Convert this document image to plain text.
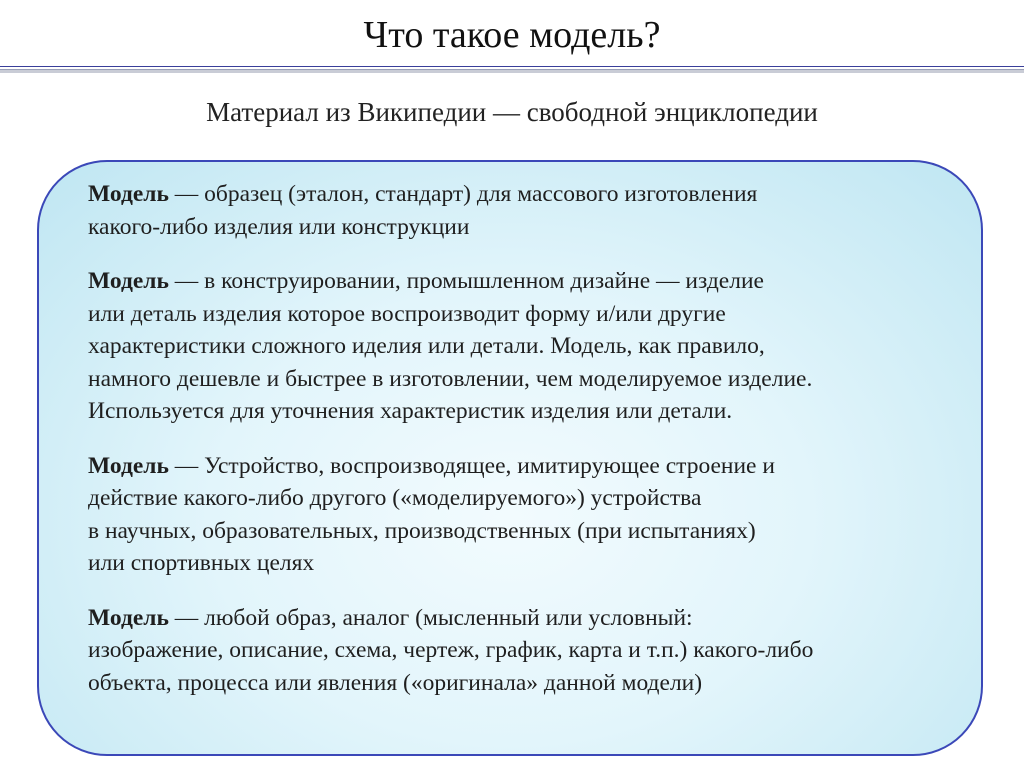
Что такое модель?
Материал из Википедии — свободной энциклопедии

Модель — образец (эталон, стандарт) для массового изготовления
какого-либо изделия или конструкции

Модель — в конструировании, промышленном дизайне — изделие
или деталь изделия которое воспроизводит форму и/или другие
характеристики сложного иделия или детали. Модель, как правило,
намного дешевле и быстрее в изготовлении, чем моделируемое изделие.
Используется для уточнения характеристик изделия или детали.

Модель — Устройство, воспроизводящее, имитирующее строение и
действие какого-либо другого («моделируемого») устройства
в научных, образовательных, производственных (при испытаниях)
или спортивных целях

Модель — любой образ, аналог (мысленный или условный:
изображение, описание, схема, чертеж, график, карта и т.п.) какого-либо
объекта, процесса или явления («оригинала» данной модели)
